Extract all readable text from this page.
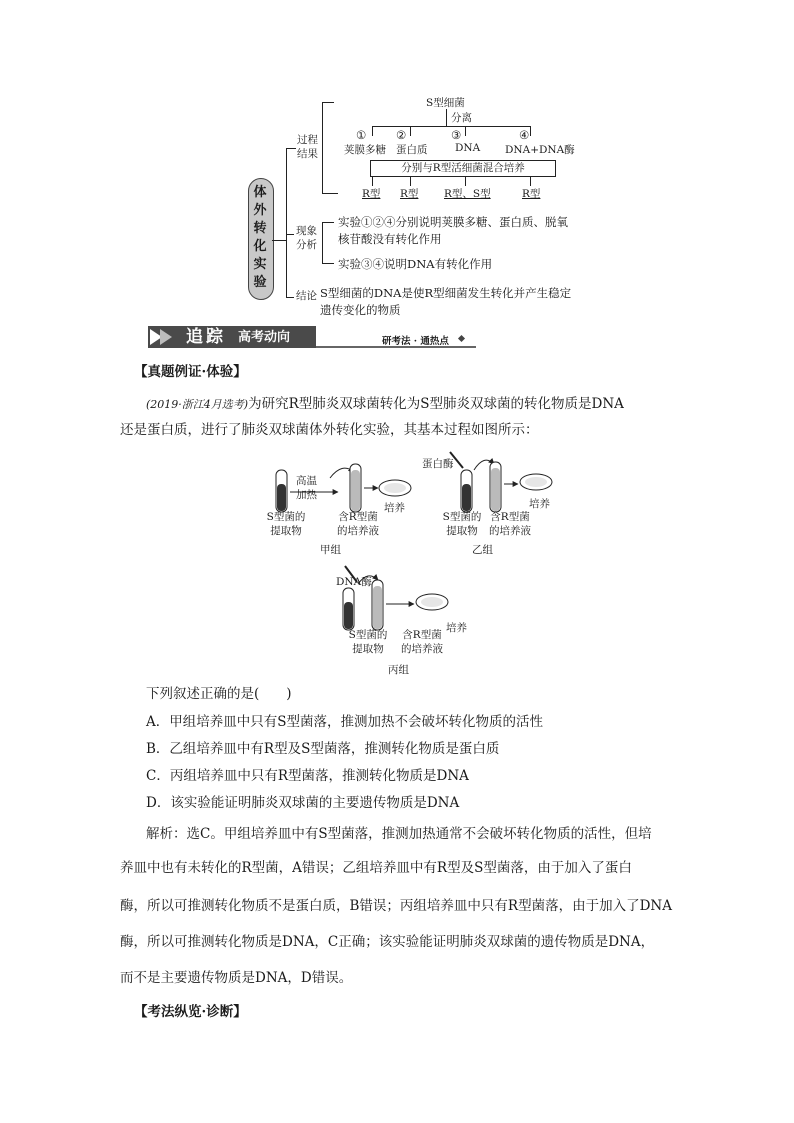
体
外
转
化
实
验
过程
结果
S型细菌
分离
①	②	③	④
荚膜多糖 蛋白质	DNA DNA+DNA酶
分别与R型活细菌混合培养
R型 R型 R型、S型	R型
现象
分析
实验①②④分别说明荚膜多糖、蛋白质、脱氧
核苷酸没有转化作用
实验③④说明DNA有转化作用
结论 S型细菌的DNA是使R型细菌发生转化并产生稳定
遗传变化的物质
追踪 高考动向	研考法 · 通热点
【真题例证·体验】
(2019·浙江4月选考)为研究R型肺炎双球菌转化为S型肺炎双球菌的转化物质是DNA
还是蛋白质，进行了肺炎双球菌体外转化实验，其基本过程如图所示：
高温
加热
S型菌的
提取物
含R型菌
的培养液
培养
甲组
蛋白酶
S型菌的
提取物
含R型菌
的培养液
培养
乙组
DNA酶
S型菌的
提取物
含R型菌
的培养液
培养
丙组
下列叙述正确的是(　　)
A．甲组培养皿中只有S型菌落，推测加热不会破坏转化物质的活性
B．乙组培养皿中有R型及S型菌落，推测转化物质是蛋白质
C．丙组培养皿中只有R型菌落，推测转化物质是DNA
D．该实验能证明肺炎双球菌的主要遗传物质是DNA
解析：选C。甲组培养皿中有S型菌落，推测加热通常不会破坏转化物质的活性，但培
养皿中也有未转化的R型菌，A错误；乙组培养皿中有R型及S型菌落，由于加入了蛋白
酶，所以可推测转化物质不是蛋白质，B错误；丙组培养皿中只有R型菌落，由于加入了DNA
酶，所以可推测转化物质是DNA，C正确；该实验能证明肺炎双球菌的遗传物质是DNA，
而不是主要遗传物质是DNA，D错误。
【考法纵览·诊断】
